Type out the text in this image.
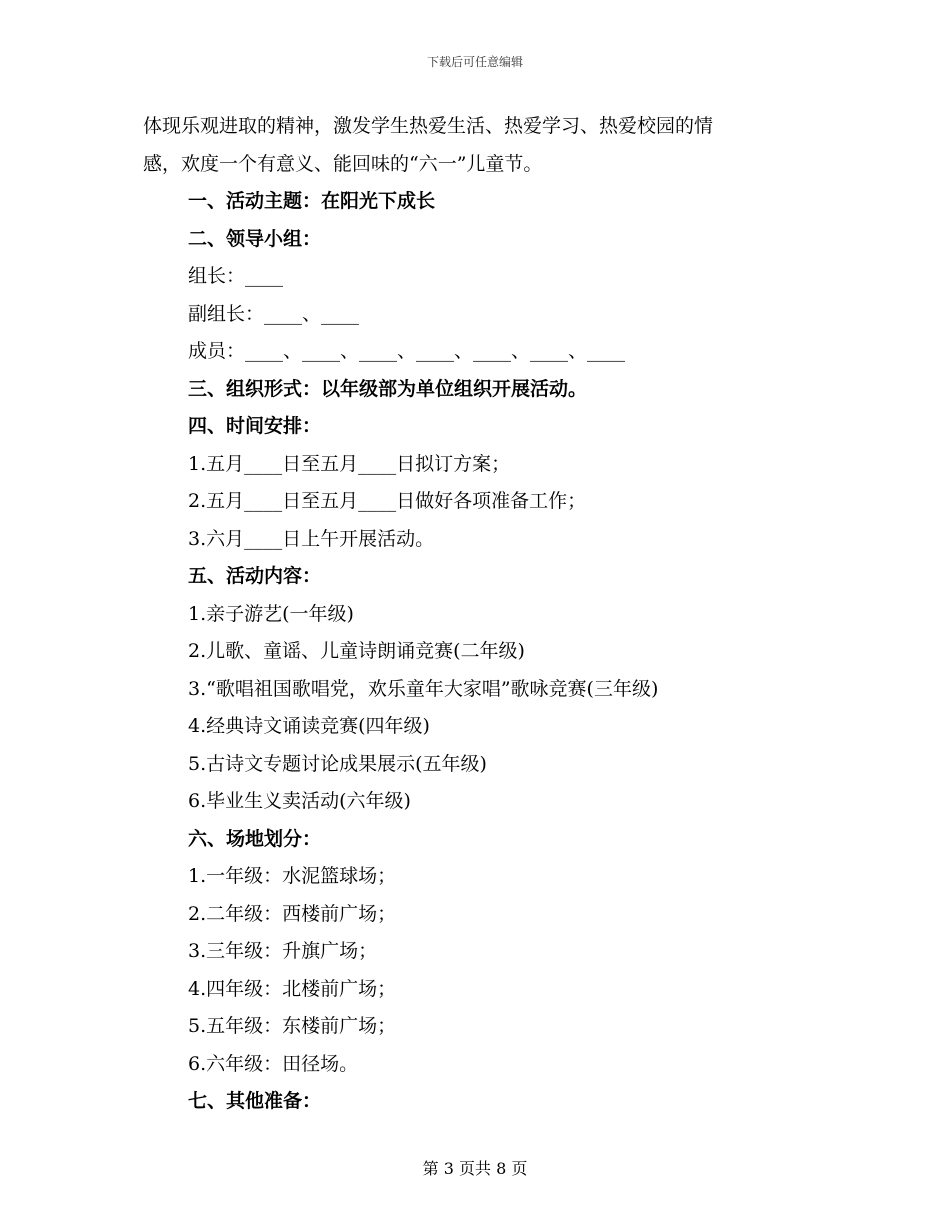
下载后可任意编辑
体现乐观进取的精神，激发学生热爱生活、热爱学习、热爱校园的情
感，欢度一个有意义、能回味的“六一”儿童节。
一、活动主题：在阳光下成长
二、领导小组：
组长：____
副组长：____、____
成员：____、____、____、____、____、____、____
三、组织形式：以年级部为单位组织开展活动。
四、时间安排：
1.五月____日至五月____日拟订方案；
2.五月____日至五月____日做好各项准备工作；
3.六月____日上午开展活动。
五、活动内容：
1.亲子游艺(一年级)
2.儿歌、童谣、儿童诗朗诵竞赛(二年级)
3.“歌唱祖国歌唱党，欢乐童年大家唱”歌咏竞赛(三年级)
4.经典诗文诵读竞赛(四年级)
5.古诗文专题讨论成果展示(五年级)
6.毕业生义卖活动(六年级)
六、场地划分：
1.一年级：水泥篮球场；
2.二年级：西楼前广场；
3.三年级：升旗广场；
4.四年级：北楼前广场；
5.五年级：东楼前广场；
6.六年级：田径场。
七、其他准备：
第 3 页共 8 页
